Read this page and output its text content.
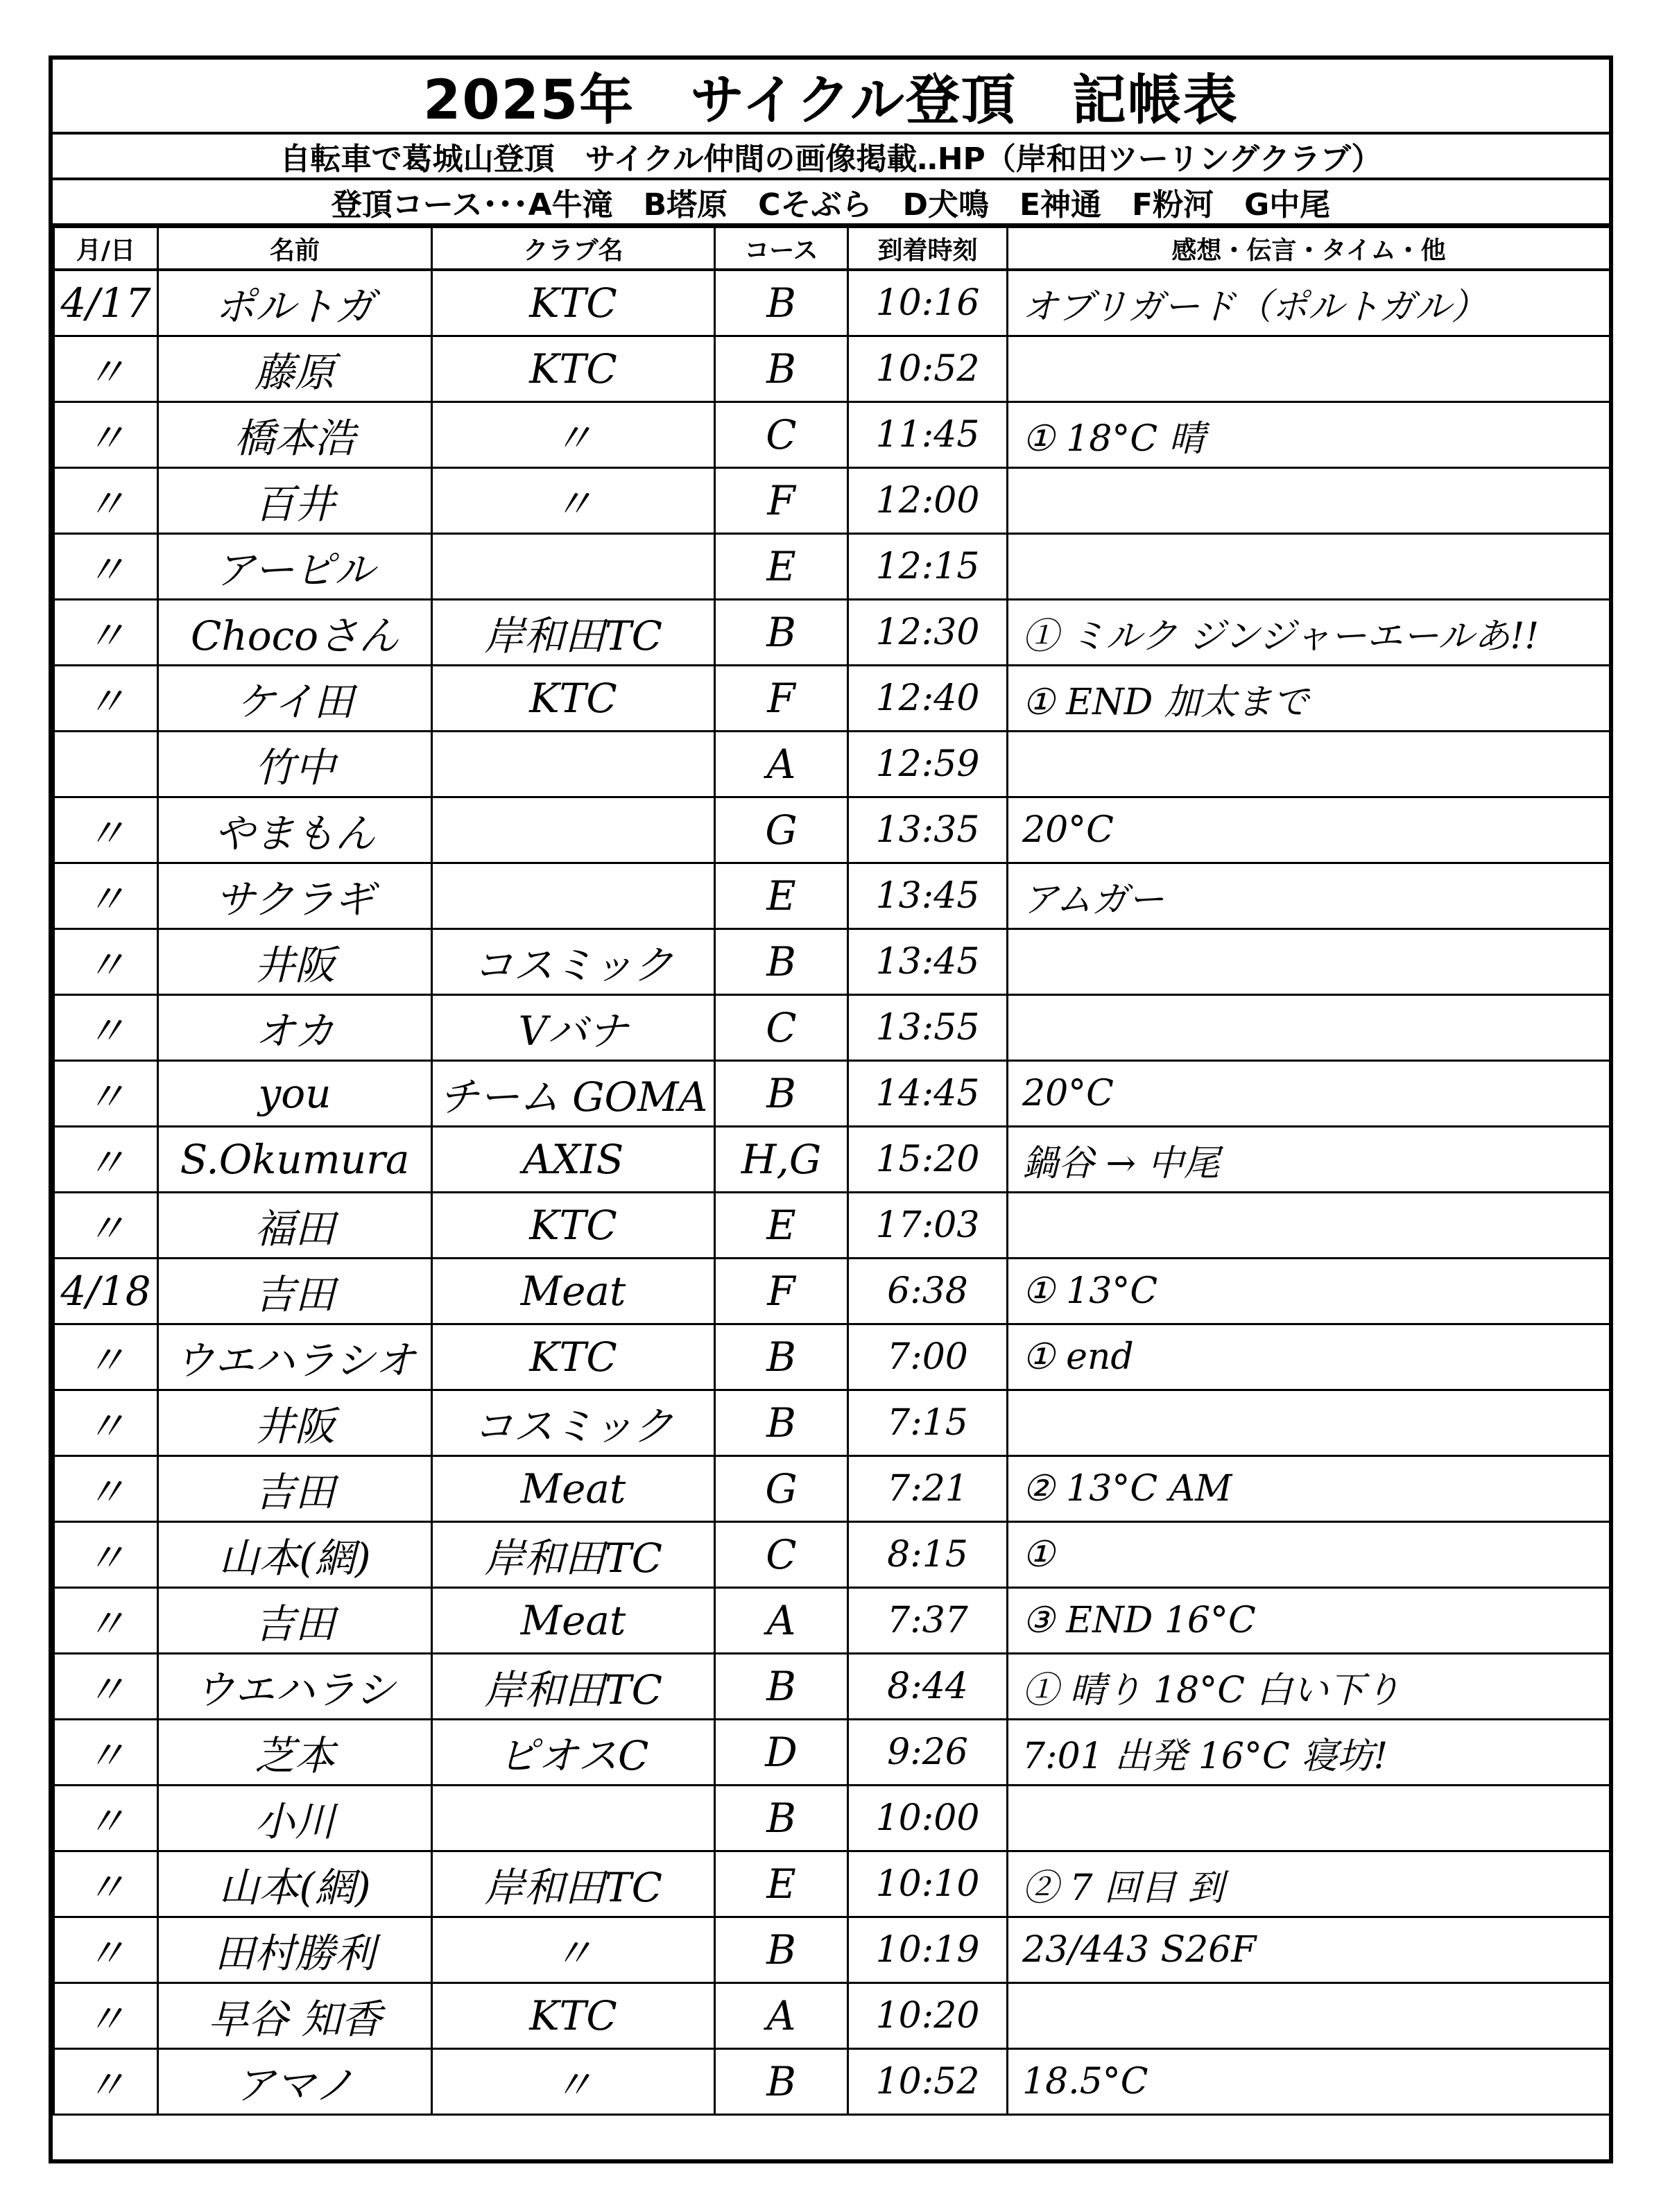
2025年　サイクル登頂　記帳表
自転車で葛城山登頂　サイクル仲間の画像掲載‥HP（岸和田ツーリングクラブ）
登頂コース･･･A牛滝　B塔原　Cそぶら　D犬鳴　E神通　F粉河　G中尾
月/日	名前	クラブ名	コース	到着時刻	感想・伝言・タイム・他
4/17	ポルトガ	KTC	B	10:16	オブリガード（ポルトガル）
〃	藤原	KTC	B	10:52	
〃	橋本浩	〃	C	11:45	① 18°C 晴
〃	百井	〃	F	12:00	
〃	アーピル		E	12:15	
〃	Chocoさん	岸和田TC	B	12:30	① ミルク ジンジャーエールあ!!
〃	ケイ田	KTC	F	12:40	① END 加太まで
	竹中		A	12:59	
〃	やまもん		G	13:35	20°C
〃	サクラギ		E	13:45	アムガー
〃	井阪	コスミック	B	13:45	
〃	オカ	Vバナ	C	13:55	
〃	you	チーム GOMA	B	14:45	20°C
〃	S.Okumura	AXIS	H,G	15:20	鍋谷 → 中尾
〃	福田	KTC	E	17:03	
4/18	吉田	Meat	F	6:38	① 13°C
〃	ウエハラシオ	KTC	B	7:00	① end
〃	井阪	コスミック	B	7:15	
〃	吉田	Meat	G	7:21	② 13°C AM
〃	山本(網)	岸和田TC	C	8:15	①
〃	吉田	Meat	A	7:37	③ END 16°C
〃	ウエハラシ	岸和田TC	B	8:44	① 晴り 18°C 白い下り
〃	芝本	ピオスC	D	9:26	7:01 出発 16°C 寝坊!
〃	小川		B	10:00	
〃	山本(網)	岸和田TC	E	10:10	② 7 回目 到
〃	田村勝利	〃	B	10:19	23/443 S26F
〃	早谷 知香	KTC	A	10:20	
〃	アマノ	〃	B	10:52	18.5°C
